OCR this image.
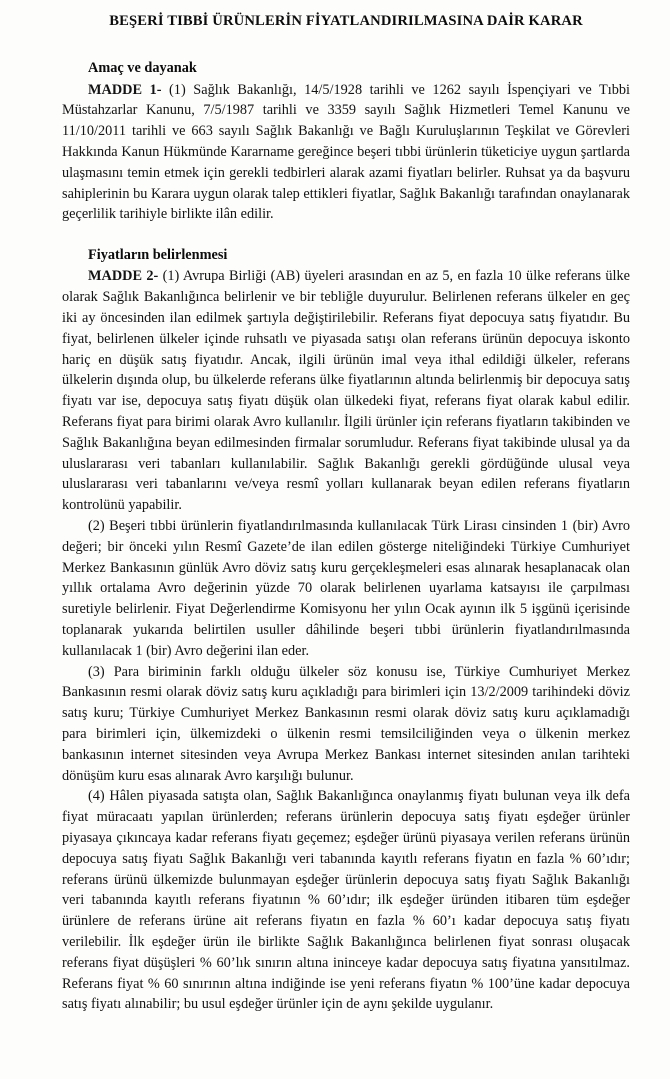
BEŞERİ TIBBİ ÜRÜNLERİN FİYATLANDIRILMASINA DAİR KARAR
Amaç ve dayanak

MADDE 1- (1) Sağlık Bakanlığı, 14/5/1928 tarihli ve 1262 sayılı İspençiyari ve Tıbbi Müstahzarlar Kanunu, 7/5/1987 tarihli ve 3359 sayılı Sağlık Hizmetleri Temel Kanunu ve 11/10/2011 tarihli ve 663 sayılı Sağlık Bakanlığı ve Bağlı Kuruluşlarının Teşkilat ve Görevleri Hakkında Kanun Hükmünde Kararname gereğince beşeri tıbbi ürünlerin tüketiciye uygun şartlarda ulaşmasını temin etmek için gerekli tedbirleri alarak azami fiyatları belirler. Ruhsat ya da başvuru sahiplerinin bu Karara uygun olarak talep ettikleri fiyatlar, Sağlık Bakanlığı tarafından onaylanarak geçerlilik tarihiyle birlikte ilân edilir.

Fiyatların belirlenmesi

MADDE 2- (1) Avrupa Birliği (AB) üyeleri arasından en az 5, en fazla 10 ülke referans ülke olarak Sağlık Bakanlığınca belirlenir ve bir tebliğle duyurulur. Belirlenen referans ülkeler en geç iki ay öncesinden ilan edilmek şartıyla değiştirilebilir. Referans fiyat depocuya satış fiyatıdır. Bu fiyat, belirlenen ülkeler içinde ruhsatlı ve piyasada satışı olan referans ürünün depocuya iskonto hariç en düşük satış fiyatıdır. Ancak, ilgili ürünün imal veya ithal edildiği ülkeler, referans ülkelerin dışında olup, bu ülkelerde referans ülke fiyatlarının altında belirlenmiş bir depocuya satış fiyatı var ise, depocuya satış fiyatı düşük olan ülkedeki fiyat, referans fiyat olarak kabul edilir. Referans fiyat para birimi olarak Avro kullanılır. İlgili ürünler için referans fiyatların takibinden ve Sağlık Bakanlığına beyan edilmesinden firmalar sorumludur. Referans fiyat takibinde ulusal ya da uluslararası veri tabanları kullanılabilir. Sağlık Bakanlığı gerekli gördüğünde ulusal veya uluslararası veri tabanlarını ve/veya resmî yolları kullanarak beyan edilen referans fiyatların kontrolünü yapabilir.

(2) Beşeri tıbbi ürünlerin fiyatlandırılmasında kullanılacak Türk Lirası cinsinden 1 (bir) Avro değeri; bir önceki yılın Resmî Gazete’de ilan edilen gösterge niteliğindeki Türkiye Cumhuriyet Merkez Bankasının günlük Avro döviz satış kuru gerçekleşmeleri esas alınarak hesaplanacak olan yıllık ortalama Avro değerinin yüzde 70 olarak belirlenen uyarlama katsayısı ile çarpılması suretiyle belirlenir. Fiyat Değerlendirme Komisyonu her yılın Ocak ayının ilk 5 işgünü içerisinde toplanarak yukarıda belirtilen usuller dâhilinde beşeri tıbbi ürünlerin fiyatlandırılmasında kullanılacak 1 (bir) Avro değerini ilan eder.

(3) Para biriminin farklı olduğu ülkeler söz konusu ise, Türkiye Cumhuriyet Merkez Bankasının resmi olarak döviz satış kuru açıkladığı para birimleri için 13/2/2009 tarihindeki döviz satış kuru; Türkiye Cumhuriyet Merkez Bankasının resmi olarak döviz satış kuru açıklamadığı para birimleri için, ülkemizdeki o ülkenin resmi temsilciliğinden veya o ülkenin merkez bankasının internet sitesinden veya Avrupa Merkez Bankası internet sitesinden anılan tarihteki dönüşüm kuru esas alınarak Avro karşılığı bulunur.

(4) Hâlen piyasada satışta olan, Sağlık Bakanlığınca onaylanmış fiyatı bulunan veya ilk defa fiyat müracaatı yapılan ürünlerden; referans ürünlerin depocuya satış fiyatı eşdeğer ürünler piyasaya çıkıncaya kadar referans fiyatı geçemez; eşdeğer ürünü piyasaya verilen referans ürünün depocuya satış fiyatı Sağlık Bakanlığı veri tabanında kayıtlı referans fiyatın en fazla % 60’ıdır; referans ürünü ülkemizde bulunmayan eşdeğer ürünlerin depocuya satış fiyatı Sağlık Bakanlığı veri tabanında kayıtlı referans fiyatının % 60’ıdır; ilk eşdeğer üründen itibaren tüm eşdeğer ürünlere de referans ürüne ait referans fiyatın en fazla % 60’ı kadar depocuya satış fiyatı verilebilir. İlk eşdeğer ürün ile birlikte Sağlık Bakanlığınca belirlenen fiyat sonrası oluşacak referans fiyat düşüşleri % 60’lık sınırın altına ininceye kadar depocuya satış fiyatına yansıtılmaz. Referans fiyat % 60 sınırının altına indiğinde ise yeni referans fiyatın % 100’üne kadar depocuya satış fiyatı alınabilir; bu usul eşdeğer ürünler için de aynı şekilde uygulanır.
